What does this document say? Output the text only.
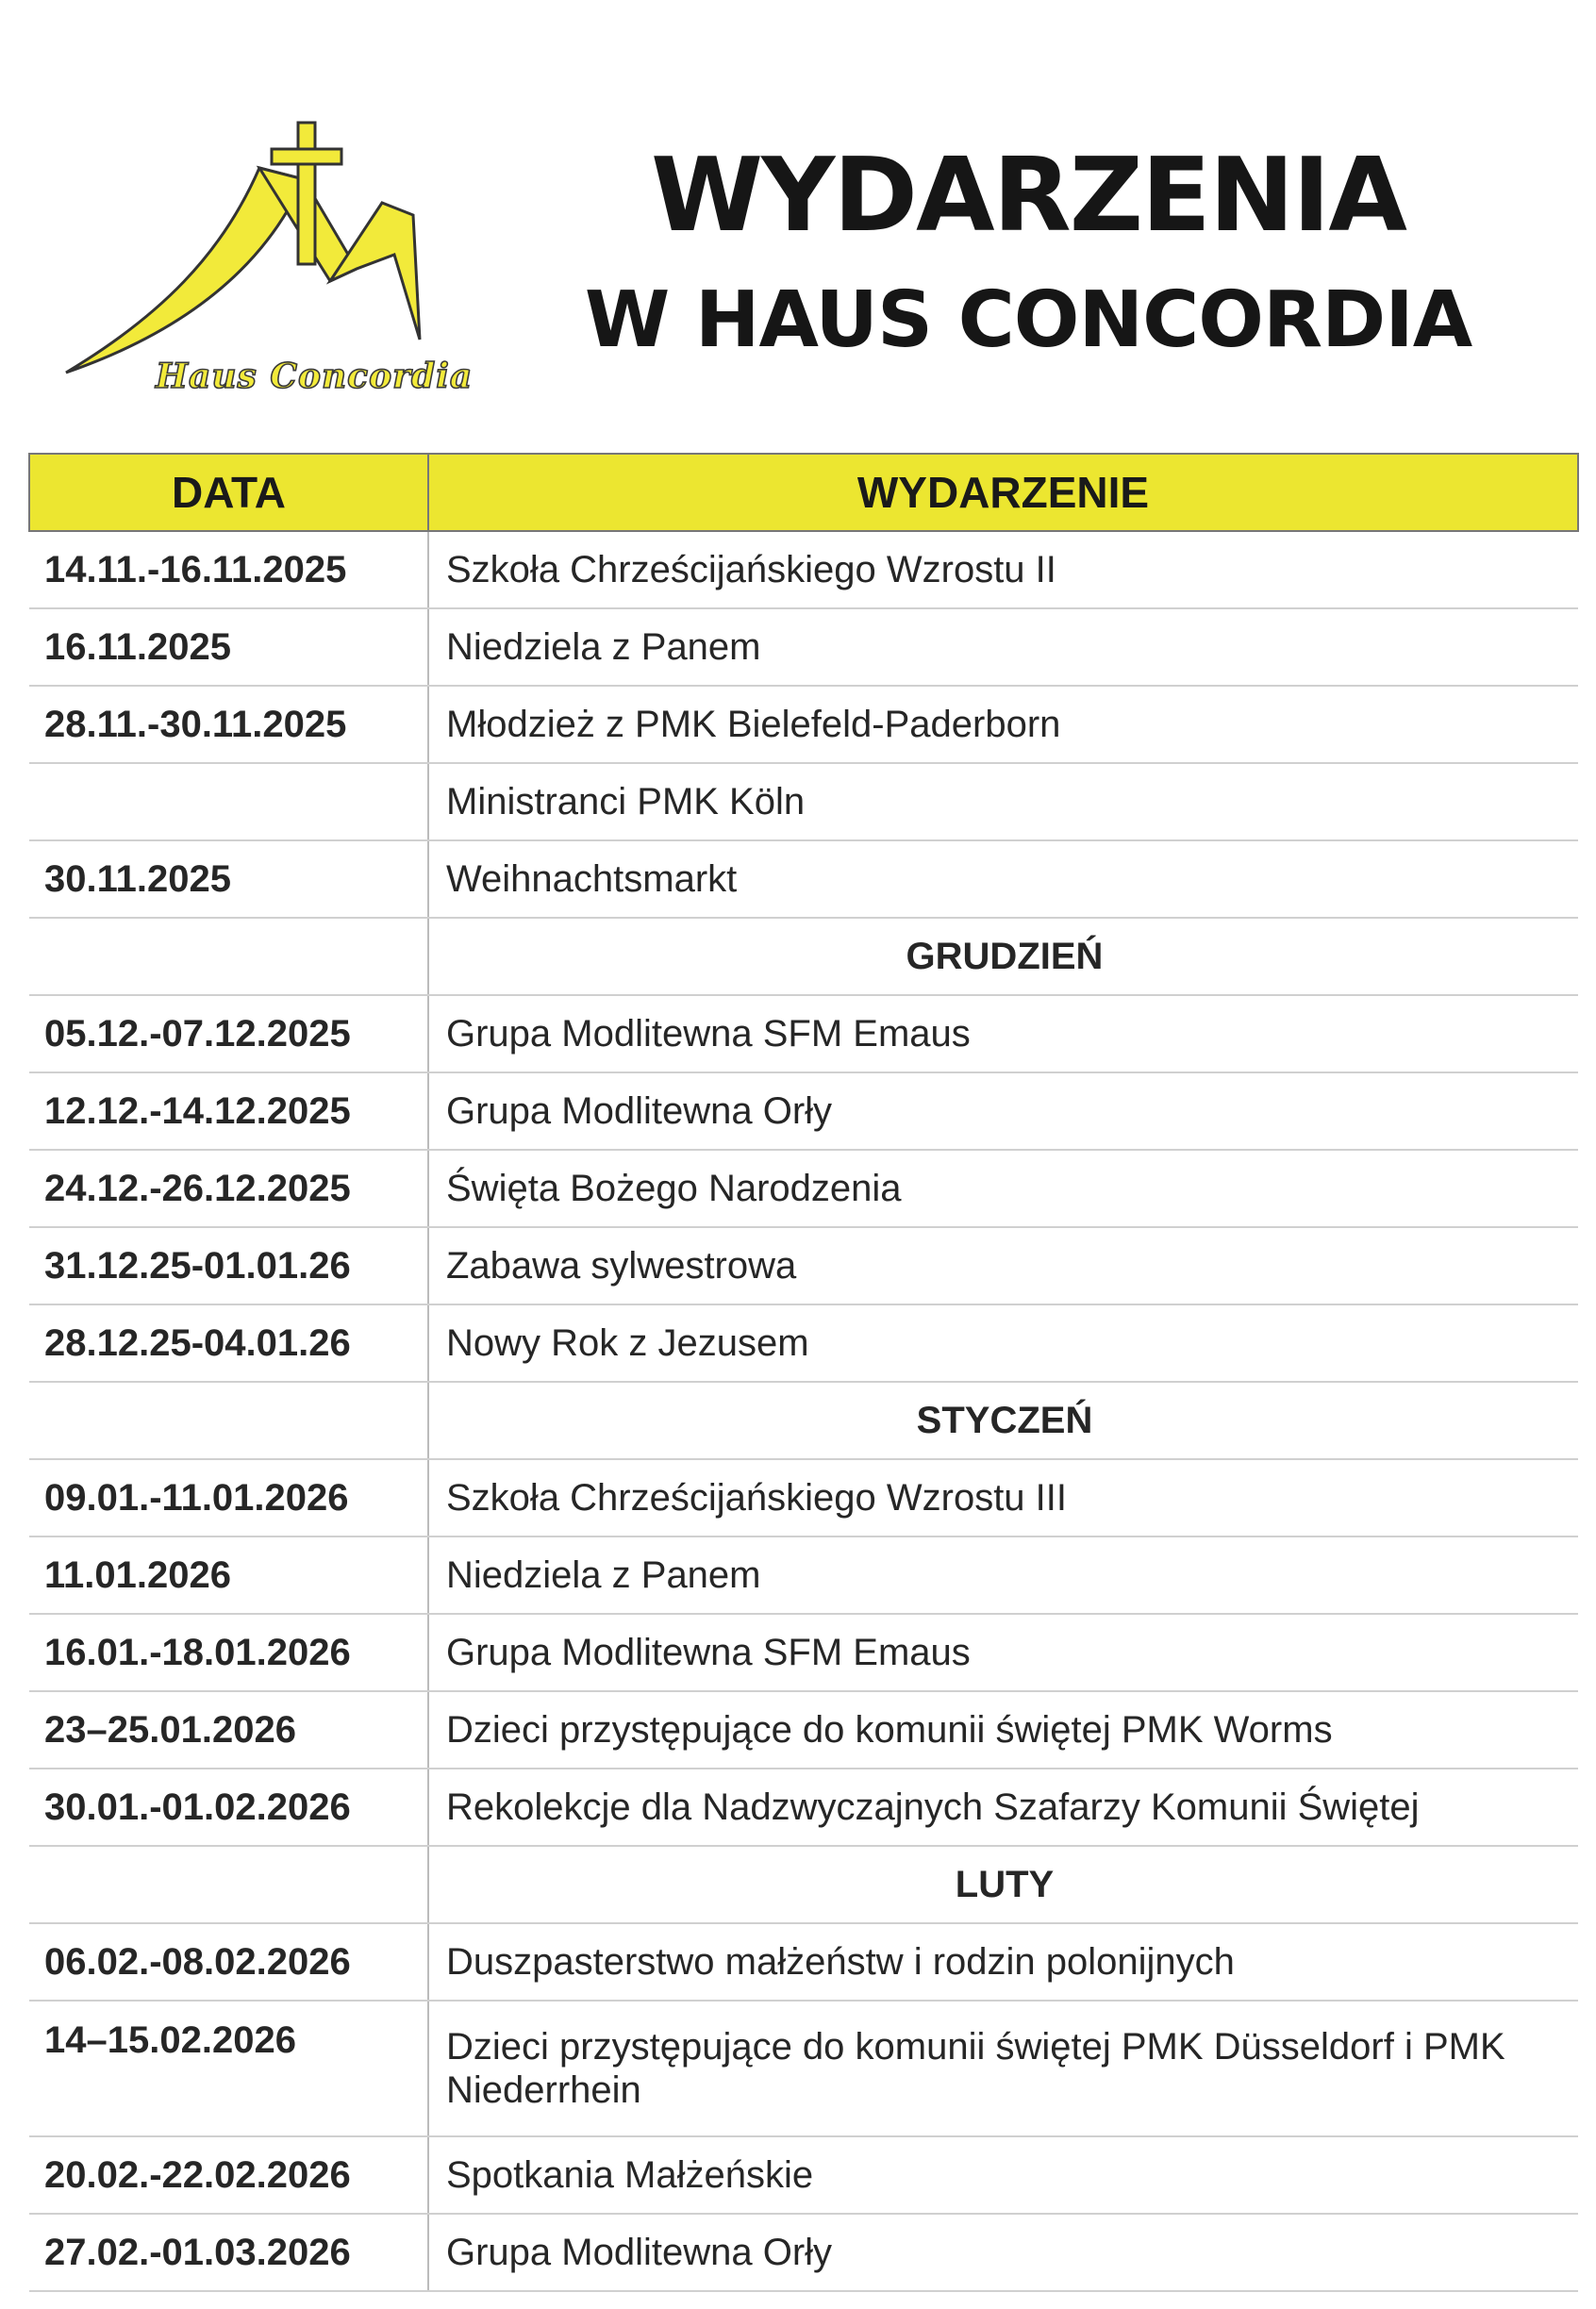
Haus Concordia
WYDARZENIA
W HAUS CONCORDIA
DATA	WYDARZENIE
14.11.-16.11.2025	Szkoła Chrześcijańskiego Wzrostu II
16.11.2025	Niedziela z Panem
28.11.-30.11.2025	Młodzież z PMK Bielefeld-Paderborn
	Ministranci PMK Köln
30.11.2025	Weihnachtsmarkt
	GRUDZIEŃ
05.12.-07.12.2025	Grupa Modlitewna SFM Emaus
12.12.-14.12.2025	Grupa Modlitewna Orły
24.12.-26.12.2025	Święta Bożego Narodzenia
31.12.25-01.01.26	Zabawa sylwestrowa
28.12.25-04.01.26	Nowy Rok z Jezusem
	STYCZEŃ
09.01.-11.01.2026	Szkoła Chrześcijańskiego Wzrostu III
11.01.2026	Niedziela z Panem
16.01.-18.01.2026	Grupa Modlitewna SFM Emaus
23–25.01.2026	Dzieci przystępujące do komunii świętej PMK Worms
30.01.-01.02.2026	Rekolekcje dla Nadzwyczajnych Szafarzy Komunii Świętej
	LUTY
06.02.-08.02.2026	Duszpasterstwo małżeństw i rodzin polonijnych
14–15.02.2026	Dzieci przystępujące do komunii świętej PMK Düsseldorf i PMK Niederrhein
20.02.-22.02.2026	Spotkania Małżeńskie
27.02.-01.03.2026	Grupa Modlitewna Orły
